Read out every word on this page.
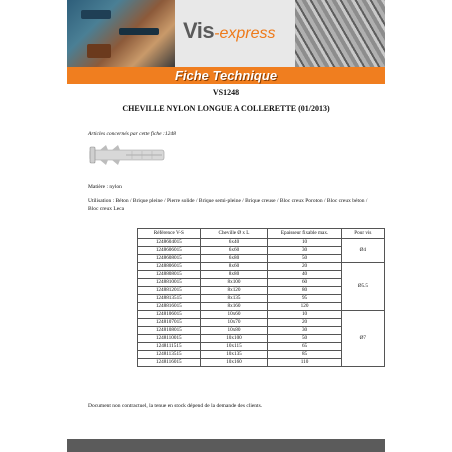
Vis-express
Fiche Technique
VS1248
CHEVILLE NYLON LONGUE A COLLERETTE (01/2013)
Articles concernés par cette fiche :1248
Matière : nylon
Utilisation : Béton / Brique pleine / Pierre solide / Brique semi-pleine / Brique creuse / Bloc creux Poroton / Bloc creux béton / Bloc creux Leca
Référence V-S	Cheville Ø x L	Epaisseur fixable max.	Pour vis
1248604015	6x40	10	Ø4
1248606015	6x60	30	
1248608015	6x80	50	
1248806015	8x60	20	Ø5.5
1248808015	8x80	40	
1248810015	8x100	60	
1248812015	8x120	80	
1248813515	8x135	95	
1248816015	8x160	120	
1248106015	10x60	10	Ø7
1248107015	10x70	20	
1248108015	10x80	30	
1248110015	10x100	50	
1248111515	10x115	65	
1248113515	10x135	85	
1248116015	10x160	110	
Document non contractuel, la tenue en stock dépend de la demande des clients.
